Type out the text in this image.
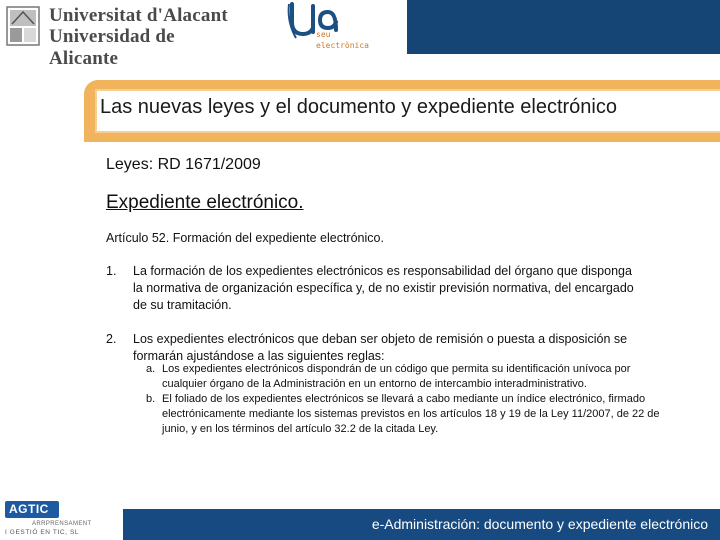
Universitat d'Alacant
Universidad de Alicante
seu
electrònica
Las nuevas leyes y el documento y expediente electrónico
Leyes: RD 1671/2009
Expediente electrónico.
Artículo 52. Formación del expediente electrónico.
1. La formación de los expedientes electrónicos es responsabilidad del órgano que disponga
la normativa de organización específica y, de no existir previsión normativa, del encargado
de su tramitación.
2. Los expedientes electrónicos que deban ser objeto de remisión o puesta a disposición se
formarán ajustándose a las siguientes reglas:
a. Los expedientes electrónicos dispondrán de un código que permita su identificación unívoca por
cualquier órgano de la Administración en un entorno de intercambio interadministrativo.
b. El foliado de los expedientes electrónicos se llevará a cabo mediante un índice electrónico, firmado
electrónicamente mediante los sistemas previstos en los artículos 18 y 19 de la Ley 11/2007, de 22 de
junio, y en los términos del artículo 32.2 de la citada Ley.
AGTIC
ARRPRENSAMENT
I GESTIÓ EN TIC, SL
e-Administración: documento y expediente electrónico
